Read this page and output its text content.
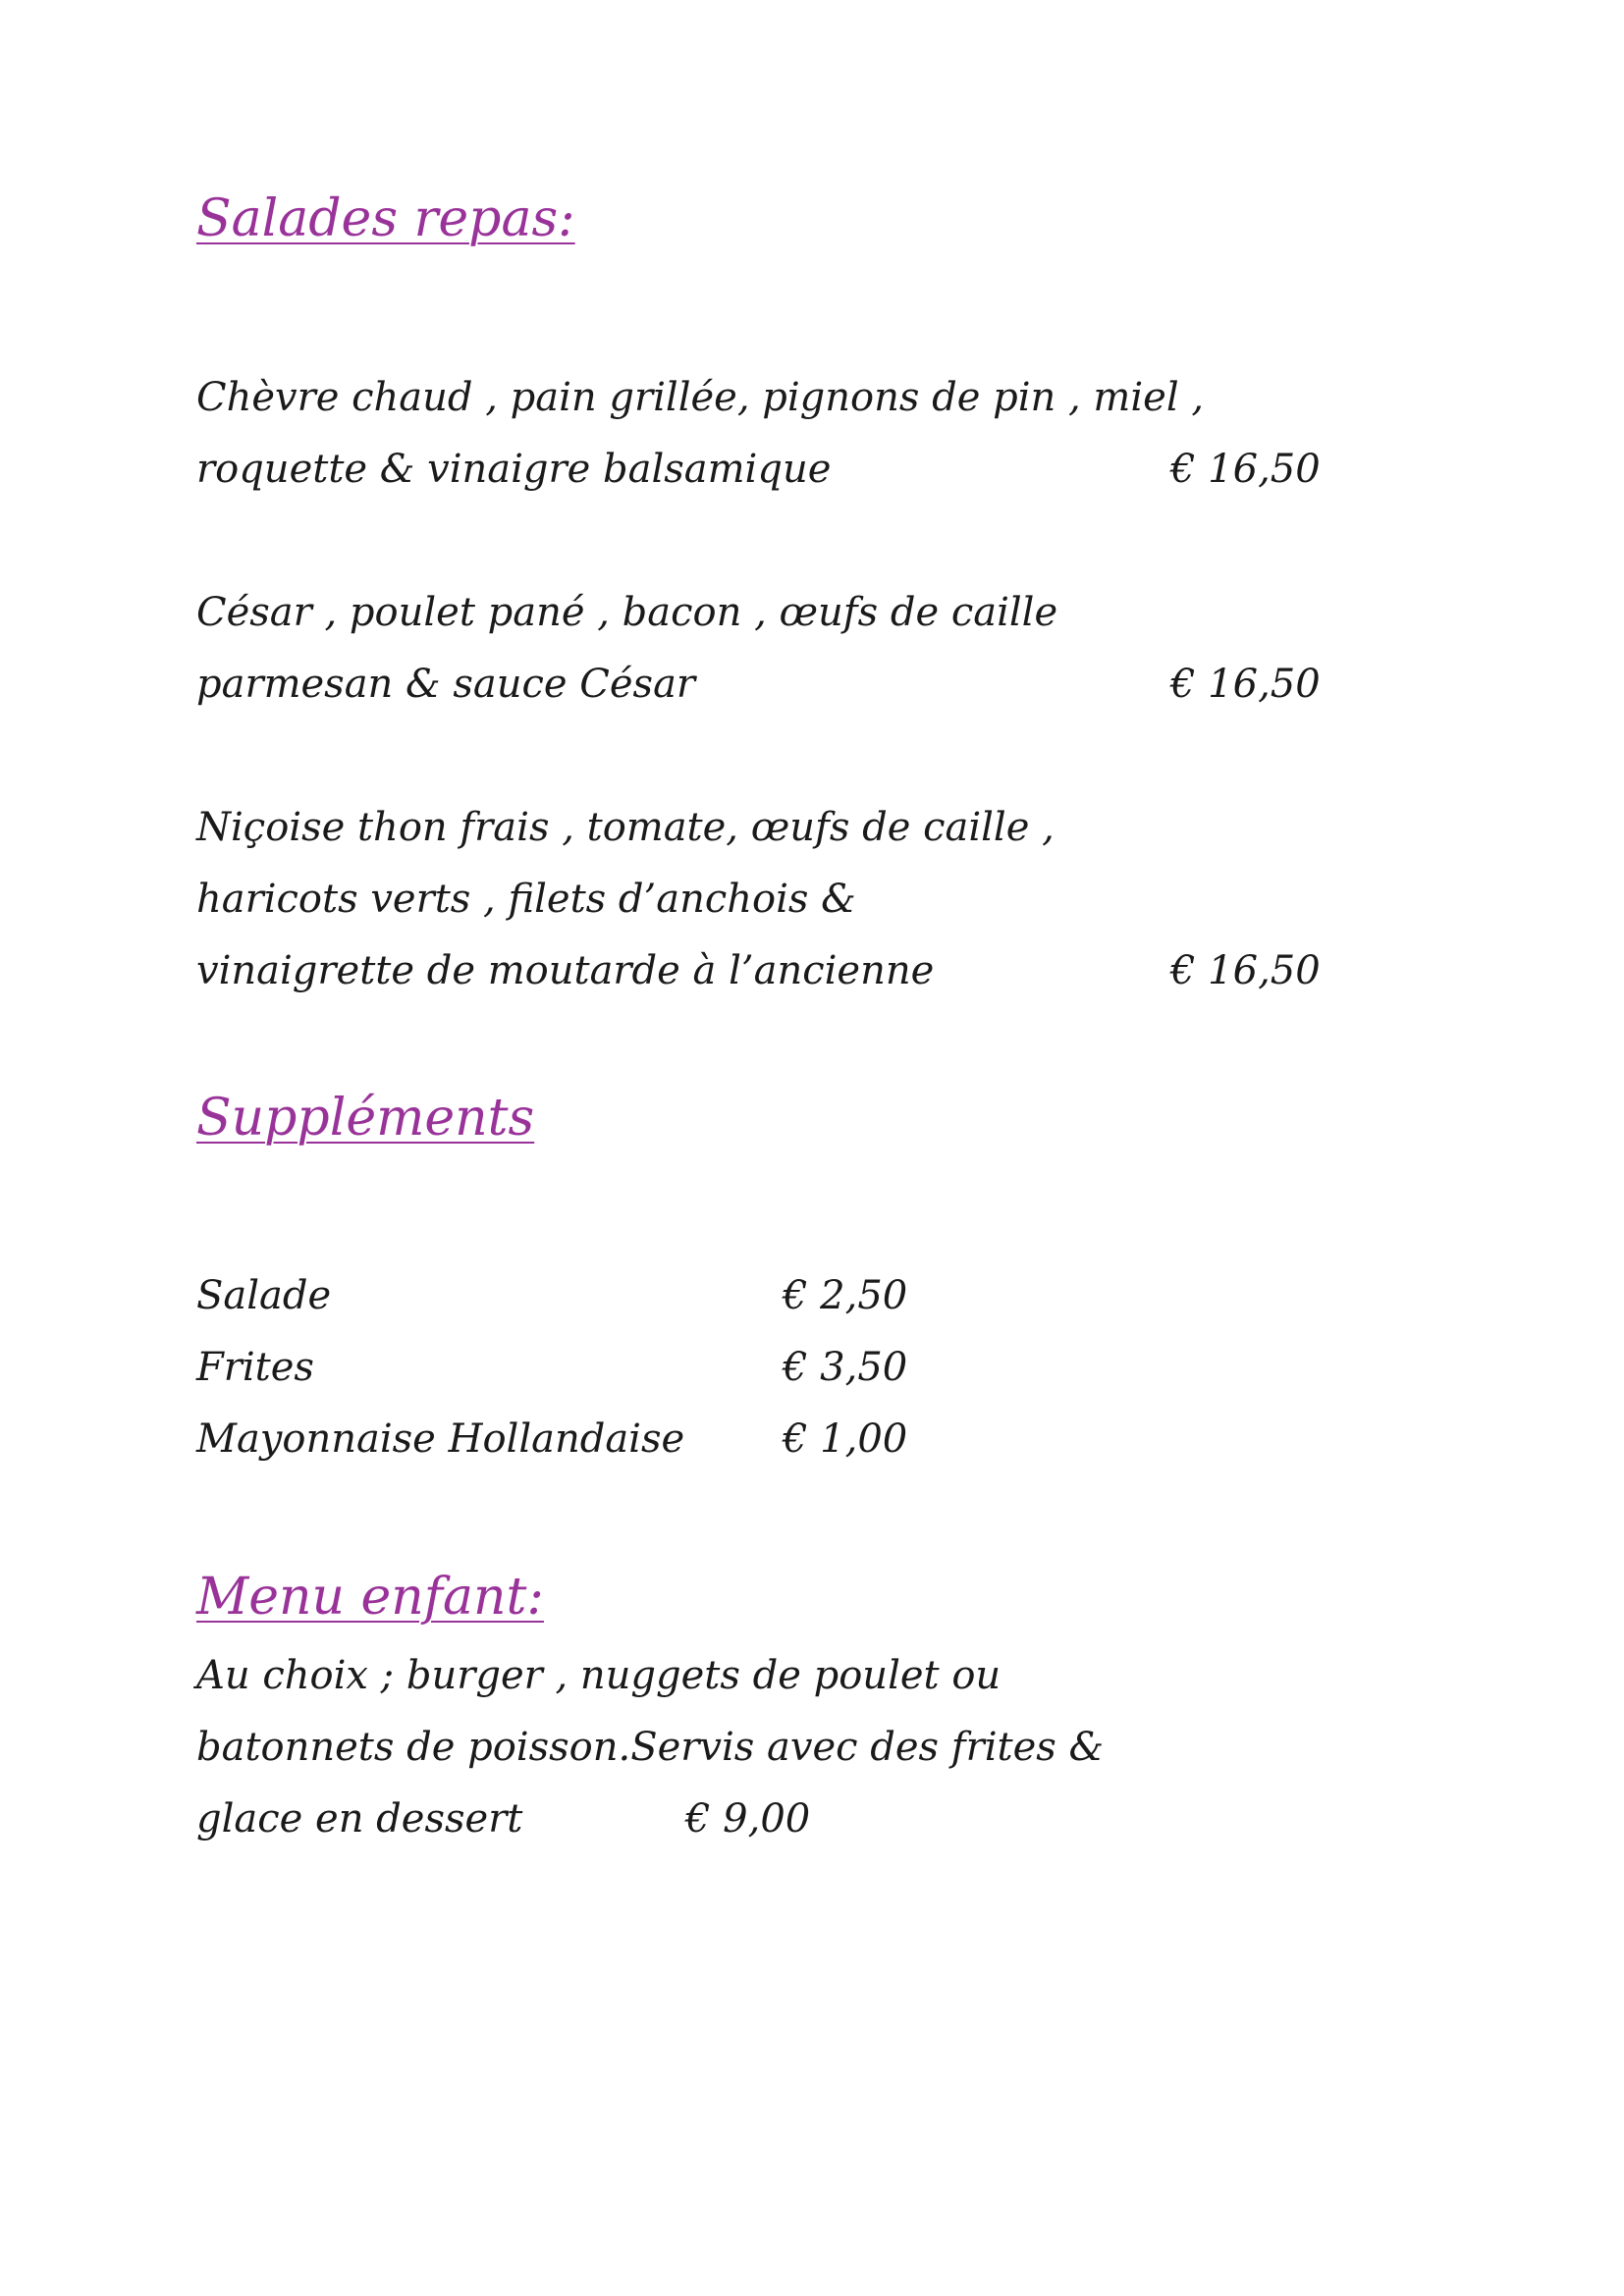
Salades repas:

Chèvre chaud , pain grillée, pignons de pin , miel ,

roquette & vinaigre balsamique	€ 16,50

César , poulet pané , bacon , œufs de caille

parmesan & sauce César	€ 16,50

Niçoise thon frais , tomate, œufs de caille ,

haricots verts , filets d’anchois &

vinaigrette de moutarde à l’ancienne	€ 16,50

Suppléments

Salade	€ 2,50

Frites	€ 3,50

Mayonnaise Hollandaise € 1,00

Menu enfant:

Au choix ; burger , nuggets de poulet ou

batonnets de poisson.Servis avec des frites &

glace en dessert	€ 9,00
